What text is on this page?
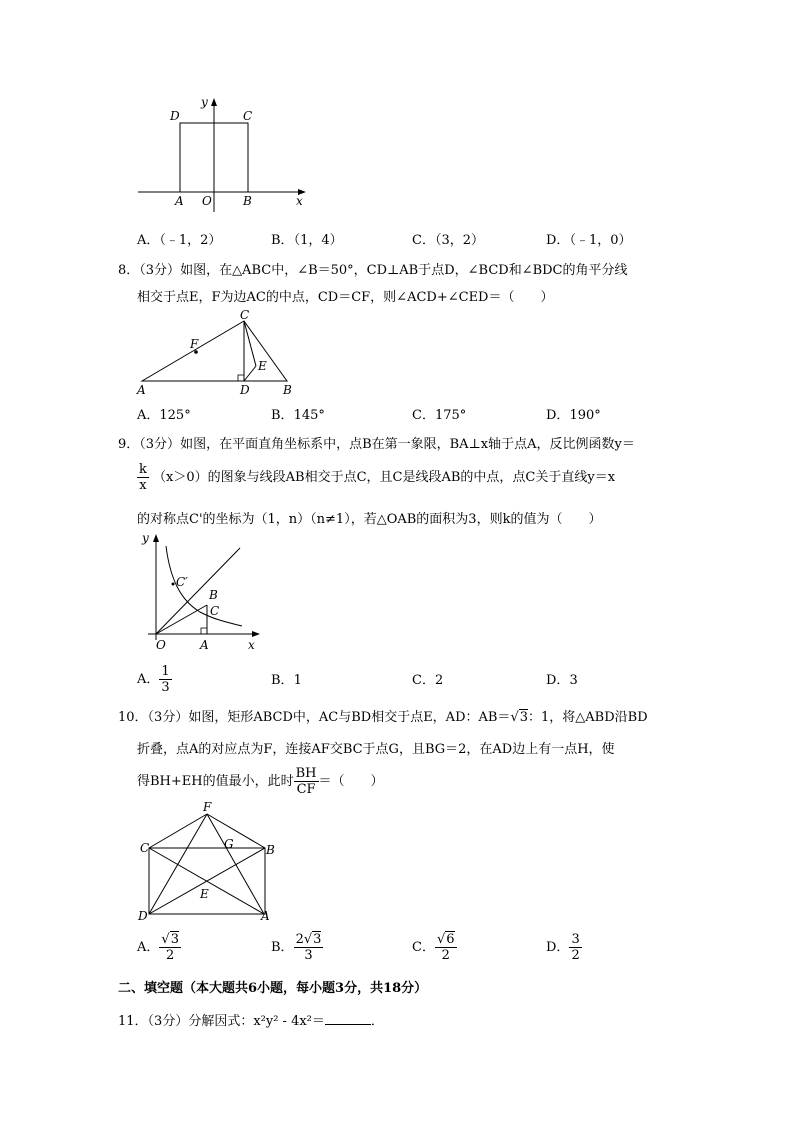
D	C
y
A O	B	x
A．（﹣1，2）	B．（1，4）	C．（3，2）	D．（﹣1，0）
8．（3分）如图，在△ABC中，∠B＝50°，CD⊥AB于点D，∠BCD和∠BDC的角平分线
相交于点E，F为边AC的中点，CD＝CF，则∠ACD+∠CED＝（　　）
C
F
E
A	D	B
A．125°	B．145°	C．175°	D．190°
9．（3分）如图，在平面直角坐标系中，点B在第一象限，BA⊥x轴于点A，反比例函数y＝
$\frac{k}{x} (x>0)$的图象与线段AB相交于点C，且C是线段AB的中点，点C关于直线y＝x
的对称点C'的坐标为（1，n）（n≠1），若△OAB的面积为3，则k的值为（　　）
y
C′
B
C
O	A	x
A． $\frac{1}{3}$	B．1	C．2	D．3
10．（3分）如图，矩形ABCD中，AC与BD相交于点E，AD：AB＝√3：1，将△ABD沿BD
折叠，点A的对应点为F，连接AF交BC于点G，且BG＝2，在AD边上有一点H，使
得BH+EH的值最小，此时 $\frac{BH}{CF}$ ＝（　　）
F
C	G	B
E
D	A
A． $\frac{√3}{2}$	B． $\frac{2√3}{3}$	C． $\frac{√6}{2}$	D． $\frac{3}{2}$
二、填空题（本大题共6小题，每小题3分，共18分）
11．（3分）分解因式：x²y² - 4x²＝	．
